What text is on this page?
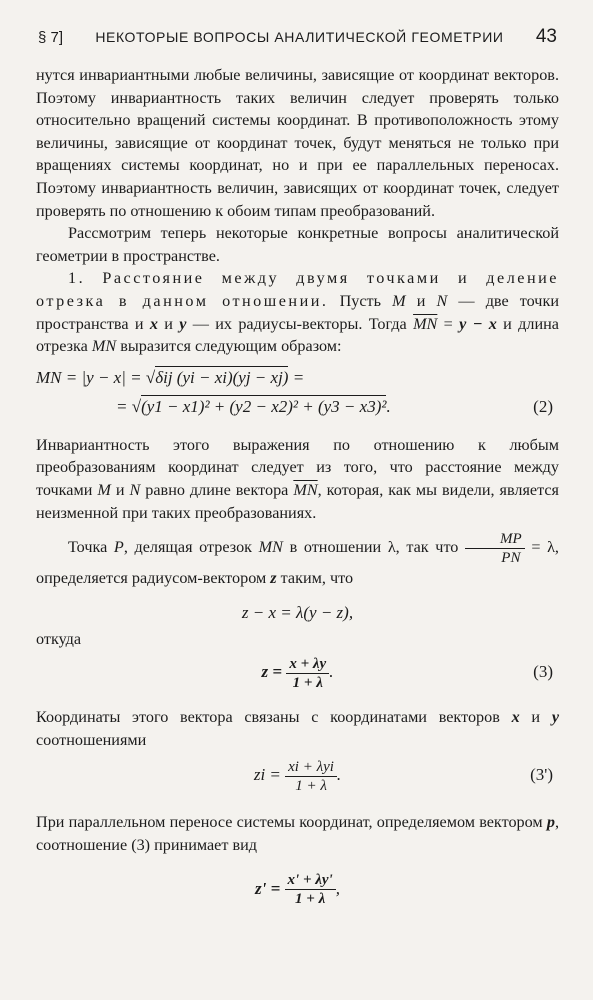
§ 7] НЕКОТОРЫЕ ВОПРОСЫ АНАЛИТИЧЕСКОЙ ГЕОМЕТРИИ 43

нутся инвариантными любые величины, зависящие от координат векторов. Поэтому инвариантность таких величин следует проверять только относительно вращений системы координат. В противоположность этому величины, зависящие от координат точек, будут меняться не только при вращениях системы координат, но и при ее параллельных переносах. Поэтому инвариантность величин, зависящих от координат точек, следует проверять по отношению к обоим типам преобразований.

Рассмотрим теперь некоторые конкретные вопросы аналитической геометрии в пространстве.

1. Расстояние между двумя точками и деление отрезка в данном отношении. Пусть M и N — две точки пространства и x и y — их радиусы-векторы. Тогда $\overline{MN} = y - x$ и длина отрезка MN выразится следующим образом:

MN = |y − x| = √δij (yi − xi)(yj − xj) =
= √(y1 − x1)² + (y2 − x2)² + (y3 − x3)².	(2)

Инвариантность этого выражения по отношению к любым преобразованиям координат следует из того, что расстояние между точками M и N равно длине вектора $\overline{MN}$, которая, как мы видели, является неизменной при таких преобразованиях.

Точка P, делящая отрезок MN в отношении λ, так что $\frac{MP}{PN} = \lambda$, определяется радиусом-вектором z таким, что

z − x = λ(y − z),

откуда

$z = \frac{x + \lambda y}{1 + \lambda}$ .	(3)

Координаты этого вектора связаны с координатами векторов x и y соотношениями

zi = $\frac{\text{xi + λyi}}{1 + \lambda}$ .	(3')

При параллельном переносе системы координат, определяемом вектором p, соотношение (3) принимает вид

$z' = \frac{x' + \lambda y'}{1 + \lambda}$ ,
